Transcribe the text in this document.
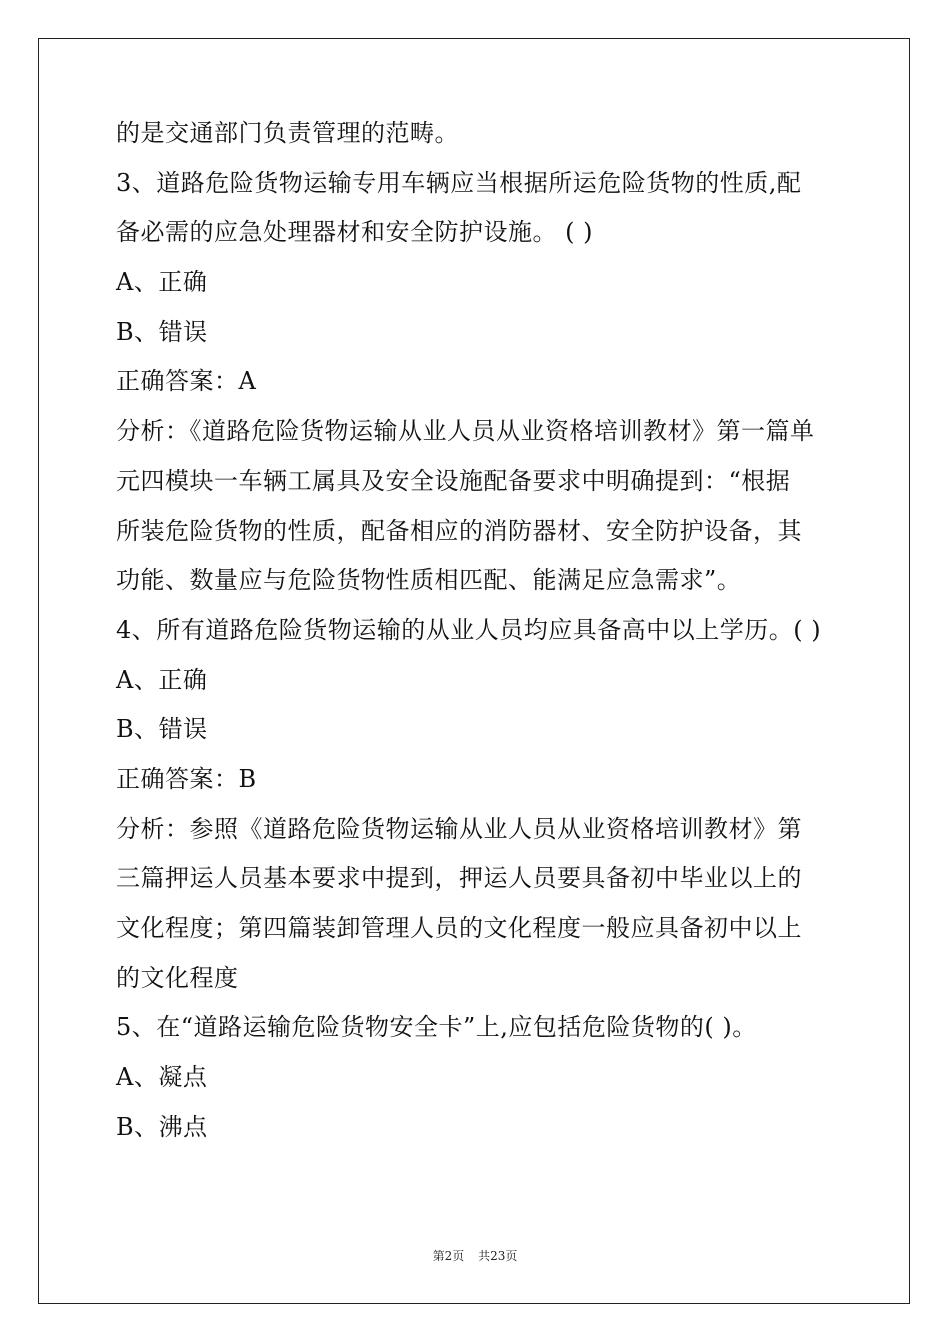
的是交通部门负责管理的范畴。
3、道路危险货物运输专用车辆应当根据所运危险货物的性质,配
备必需的应急处理器材和安全防护设施。 ( )
A、正确
B、错误
正确答案：A
分析：《道路危险货物运输从业人员从业资格培训教材》第一篇单
元四模块一车辆工属具及安全设施配备要求中明确提到：“根据
所装危险货物的性质，配备相应的消防器材、安全防护设备，其
功能、数量应与危险货物性质相匹配、能满足应急需求”。
4、所有道路危险货物运输的从业人员均应具备高中以上学历。( )
A、正确
B、错误
正确答案：B
分析：参照《道路危险货物运输从业人员从业资格培训教材》第
三篇押运人员基本要求中提到，押运人员要具备初中毕业以上的
文化程度；第四篇装卸管理人员的文化程度一般应具备初中以上
的文化程度
5、在“道路运输危险货物安全卡”上,应包括危险货物的( )。
A、凝点
B、沸点
第2页 共23页
